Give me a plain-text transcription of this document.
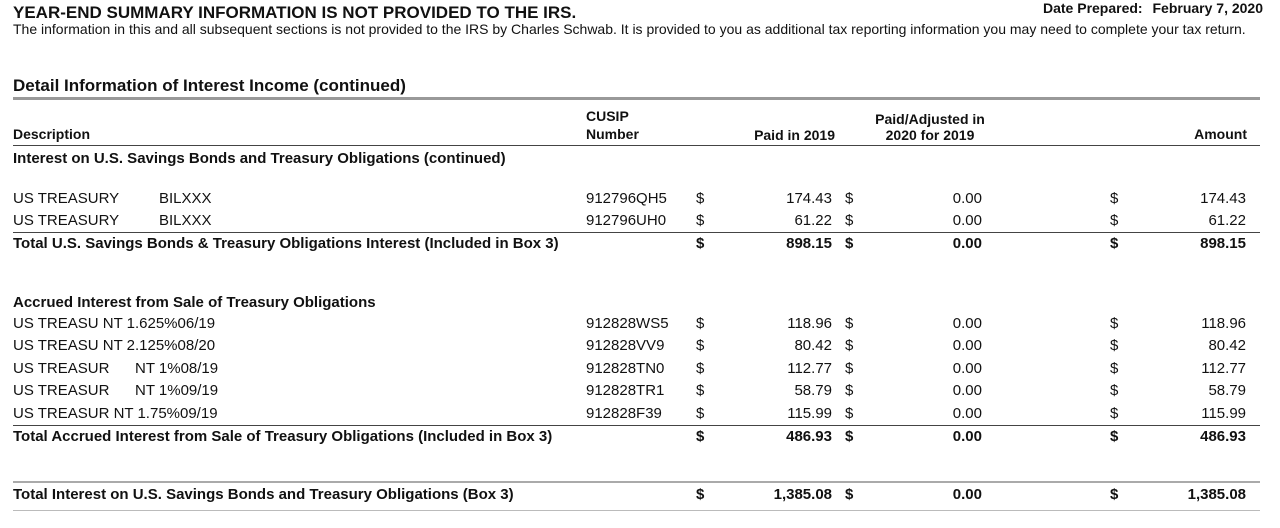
YEAR-END SUMMARY INFORMATION IS NOT PROVIDED TO THE IRS.	Date Prepared: February 7, 2020
The information in this and all subsequent sections is not provided to the IRS by Charles Schwab. It is provided to you as additional tax reporting information you may need to complete your tax return.
Detail Information of Interest Income (continued)
Description
CUSIP
Number	Paid in 2019
Paid/Adjusted in
2020 for 2019	Amount
Interest on U.S. Savings Bonds and Treasury Obligations (continued)
US TREASURY	BILXXX	912796QH5 $	174.43 $	0.00	$	174.43
US TREASURY	BILXXX	912796UH0 $	61.22 $	0.00	$	61.22
Total U.S. Savings Bonds & Treasury Obligations Interest (Included in Box 3)	$	898.15 $	0.00	$	898.15
Accrued Interest from Sale of Treasury Obligations
US TREASU NT 1.625%06/19	912828WS5 $	118.96 $	0.00	$	118.96
US TREASU NT 2.125%08/20	912828VV9 $	80.42 $	0.00	$	80.42
US TREASUR NT 1%08/19	912828TN0 $	112.77 $	0.00	$	112.77
US TREASUR NT 1%09/19	912828TR1 $	58.79 $	0.00	$	58.79
US TREASUR NT 1.75%09/19	912828F39 $	115.99 $	0.00	$	115.99
Total Accrued Interest from Sale of Treasury Obligations (Included in Box 3)	$	486.93 $	0.00	$	486.93
Total Interest on U.S. Savings Bonds and Treasury Obligations (Box 3)	$	1,385.08 $	0.00	$	1,385.08
